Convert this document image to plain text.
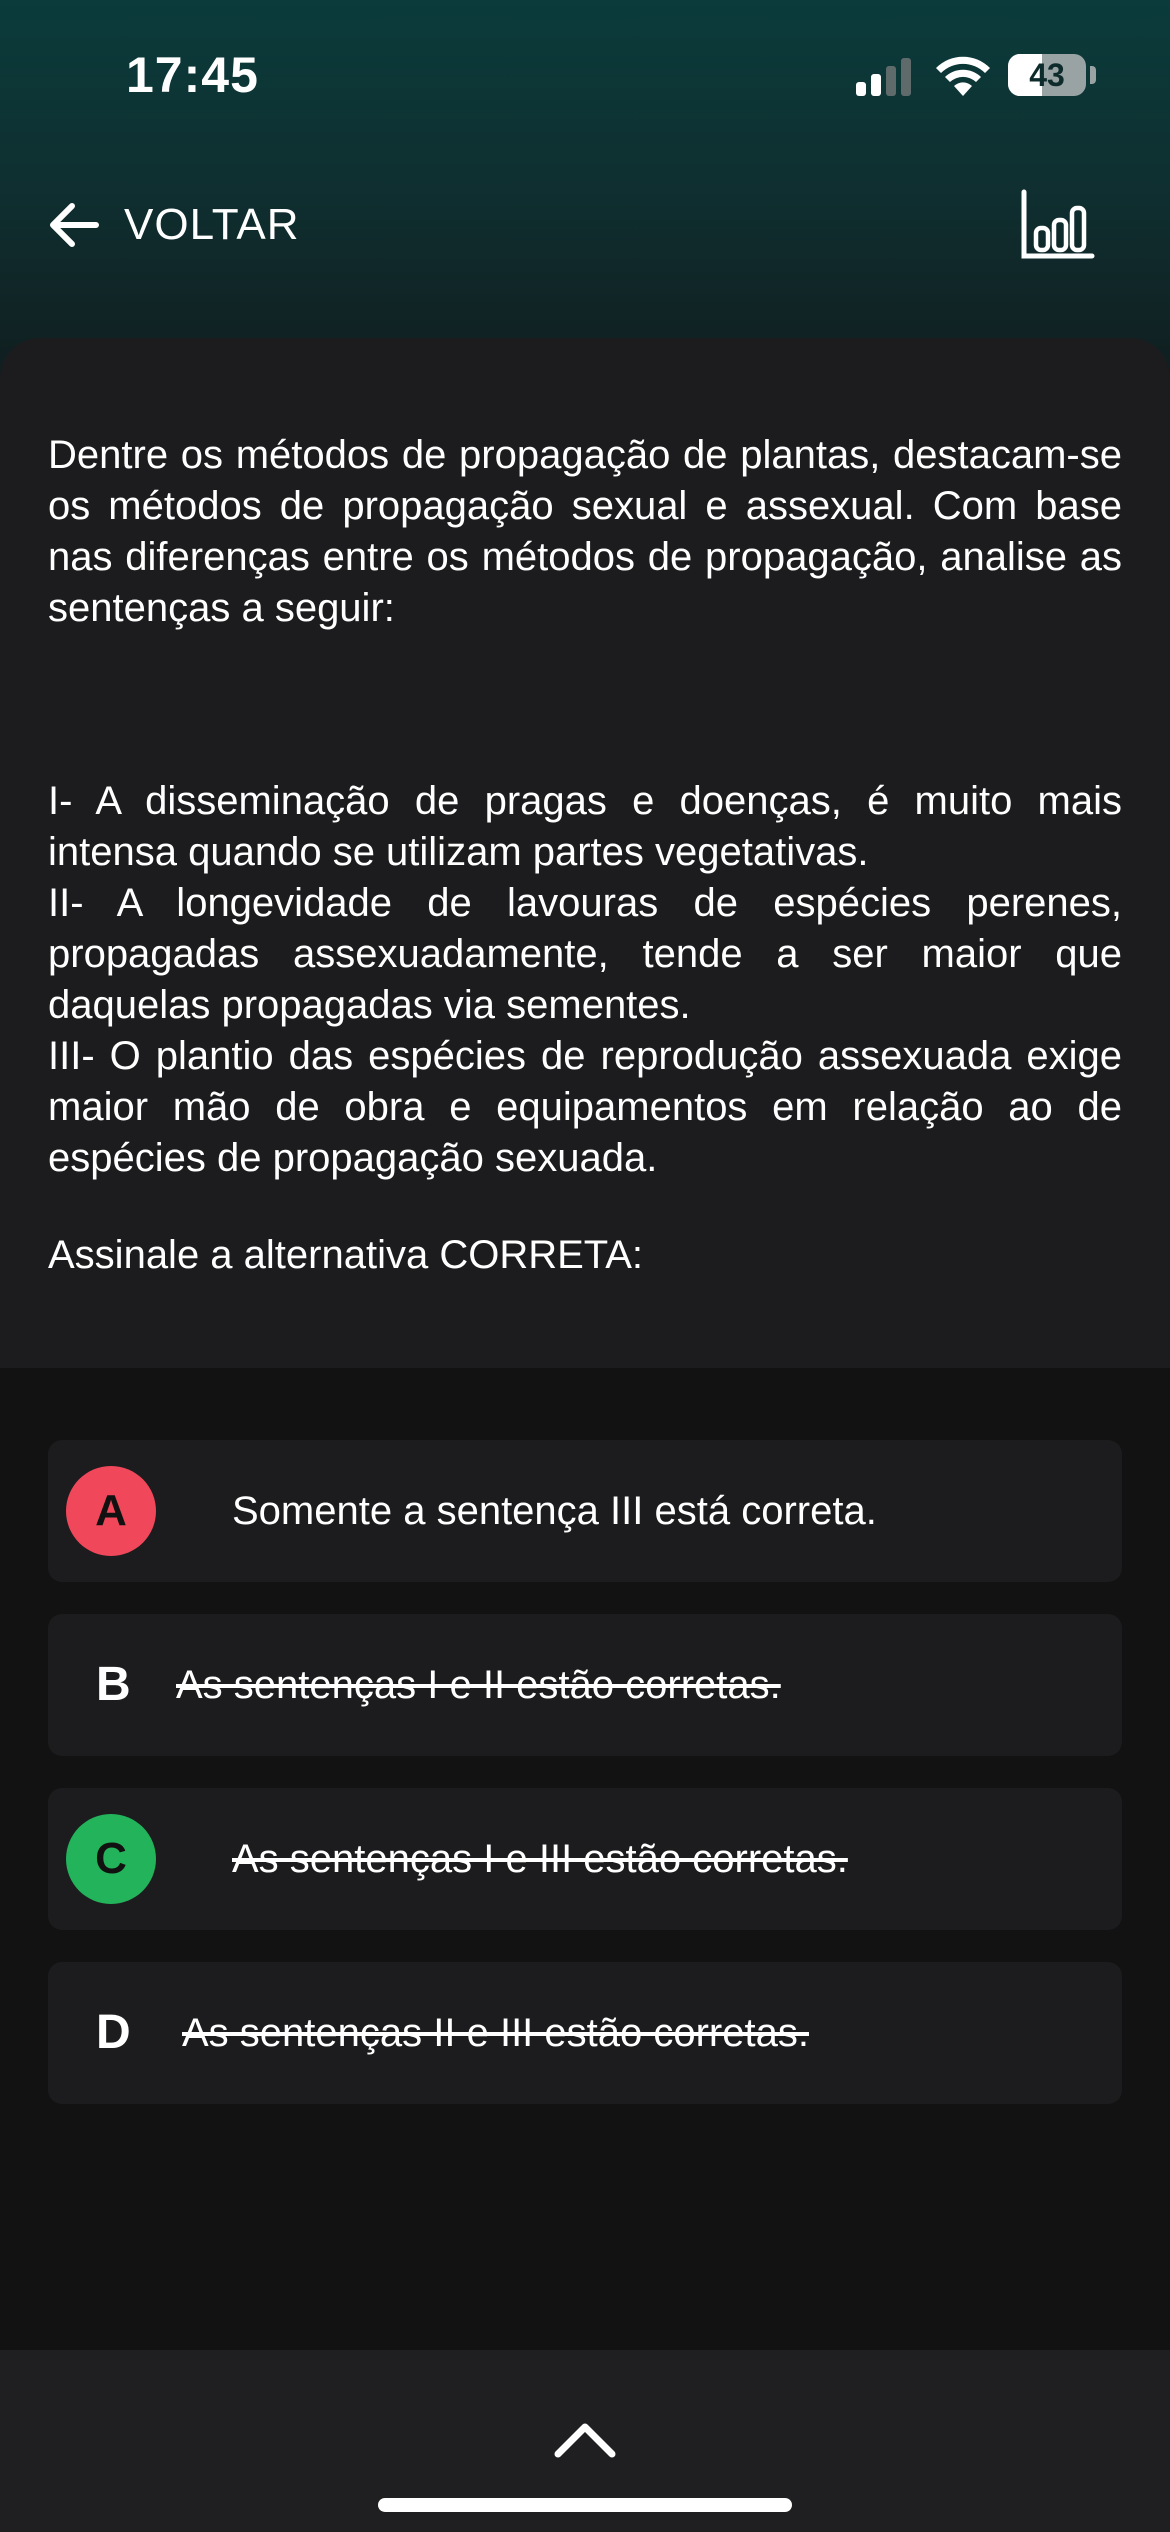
17:45	43
VOLTAR

Dentre os métodos de propagação de plantas, destacam-se os métodos de propagação sexual e assexual. Com base nas diferenças entre os métodos de propagação, analise as sentenças a seguir:

I- A disseminação de pragas e doenças, é muito mais intensa quando se utilizam partes vegetativas.

II- A longevidade de lavouras de espécies perenes, propagadas assexuadamente, tende a ser maior que daquelas propagadas via sementes.

III- O plantio das espécies de reprodução assexuada exige maior mão de obra e equipamentos em relação ao de espécies de propagação sexuada.

Assinale a alternativa CORRETA:

A	Somente a sentença III está correta.
B As sentenças I e II estão corretas.
C	As sentenças I e III estão corretas.
D As sentenças II e III estão corretas.
